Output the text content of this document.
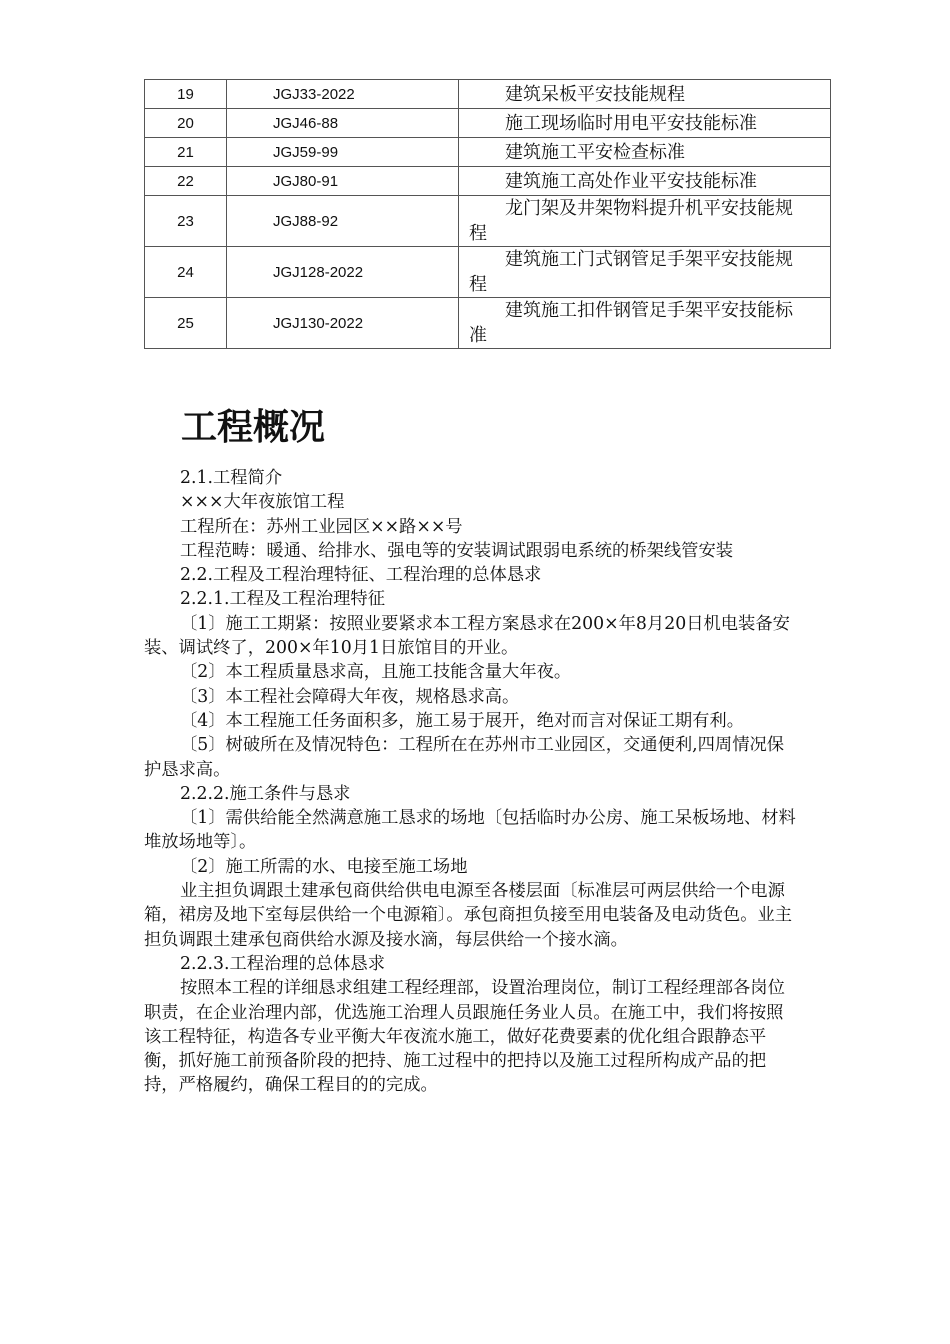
19	JGJ33-2022	建筑呆板平安技能规程
20	JGJ46-88	施工现场临时用电平安技能标准
21	JGJ59-99	建筑施工平安检查标准
22	JGJ80-91	建筑施工高处作业平安技能标准
23	JGJ88-92	龙门架及井架物料提升机平安技能规
程
24	JGJ128-2022	建筑施工门式钢管足手架平安技能规
程
25	JGJ130-2022	建筑施工扣件钢管足手架平安技能标
准
工程概况

2.1.工程简介

×××大年夜旅馆工程

工程所在：苏州工业园区××路××号

工程范畴：暖通、给排水、强电等的安装调试跟弱电系统的桥架线管安装

2.2.工程及工程治理特征、工程治理的总体恳求

2.2.1.工程及工程治理特征

〔1〕施工工期紧：按照业要紧求本工程方案恳求在200×年8月20日机电装备安装、调试终了，200×年10月1日旅馆目的开业。

〔2〕本工程质量恳求高，且施工技能含量大年夜。

〔3〕本工程社会障碍大年夜，规格恳求高。

〔4〕本工程施工任务面积多，施工易于展开，绝对而言对保证工期有利。

〔5〕树破所在及情况特色：工程所在在苏州市工业园区，交通便利,四周情况保护恳求高。

2.2.2.施工条件与恳求

〔1〕需供给能全然满意施工恳求的场地〔包括临时办公房、施工呆板场地、材料堆放场地等〕。

〔2〕施工所需的水、电接至施工场地

业主担负调跟土建承包商供给供电电源至各楼层面〔标准层可两层供给一个电源箱，裙房及地下室每层供给一个电源箱〕。承包商担负接至用电装备及电动货色。业主担负调跟土建承包商供给水源及接水滴，每层供给一个接水滴。

2.2.3.工程治理的总体恳求

按照本工程的详细恳求组建工程经理部，设置治理岗位，制订工程经理部各岗位职责，在企业治理内部，优选施工治理人员跟施任务业人员。在施工中，我们将按照该工程特征，构造各专业平衡大年夜流水施工，做好花费要素的优化组合跟静态平衡，抓好施工前预备阶段的把持、施工过程中的把持以及施工过程所构成产品的把持，严格履约，确保工程目的的完成。
